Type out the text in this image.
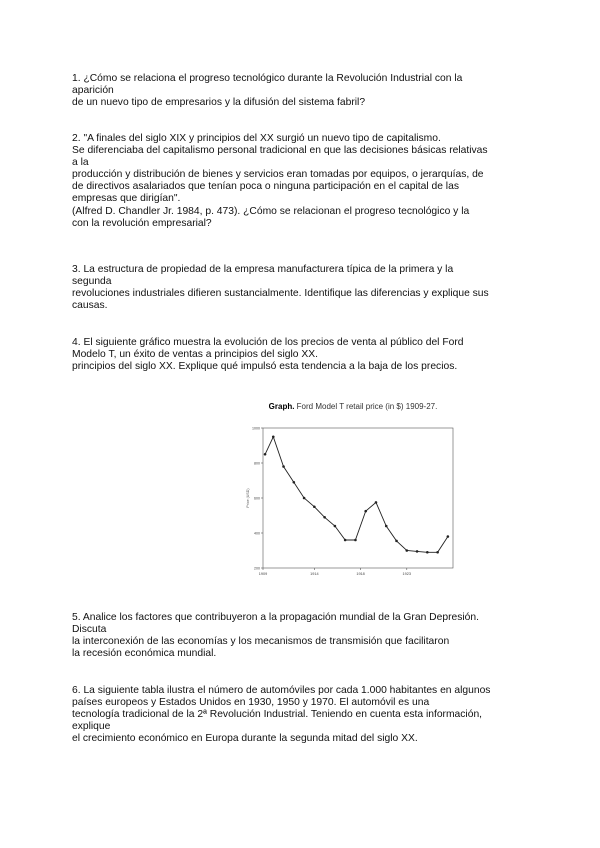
1. ¿Cómo se relaciona el progreso tecnológico durante la Revolución Industrial con la
aparición
de un nuevo tipo de empresarios y la difusión del sistema fabril?
2. "A finales del siglo XIX y principios del XX surgió un nuevo tipo de capitalismo.
Se diferenciaba del capitalismo personal tradicional en que las decisiones básicas relativas
a la
producción y distribución de bienes y servicios eran tomadas por equipos, o jerarquías, de
de directivos asalariados que tenían poca o ninguna participación en el capital de las
empresas que dirigían".
(Alfred D. Chandler Jr. 1984, p. 473). ¿Cómo se relacionan el progreso tecnológico y la
con la revolución empresarial?
3. La estructura de propiedad de la empresa manufacturera típica de la primera y la
segunda
revoluciones industriales difieren sustancialmente. Identifique las diferencias y explique sus
causas.
4. El siguiente gráfico muestra la evolución de los precios de venta al público del Ford
Modelo T, un éxito de ventas a principios del siglo XX.
principios del siglo XX. Explique qué impulsó esta tendencia a la baja de los precios.
Graph. Ford Model T retail price (in $) 1909-27.
200
400
600
800
1000
1909	1914	1918	1923
Price (USD)
5. Analice los factores que contribuyeron a la propagación mundial de la Gran Depresión.
Discuta
la interconexión de las economías y los mecanismos de transmisión que facilitaron
la recesión económica mundial.
6. La siguiente tabla ilustra el número de automóviles por cada 1.000 habitantes en algunos
países europeos y Estados Unidos en 1930, 1950 y 1970. El automóvil es una
tecnología tradicional de la 2ª Revolución Industrial. Teniendo en cuenta esta información,
explique
el crecimiento económico en Europa durante la segunda mitad del siglo XX.
